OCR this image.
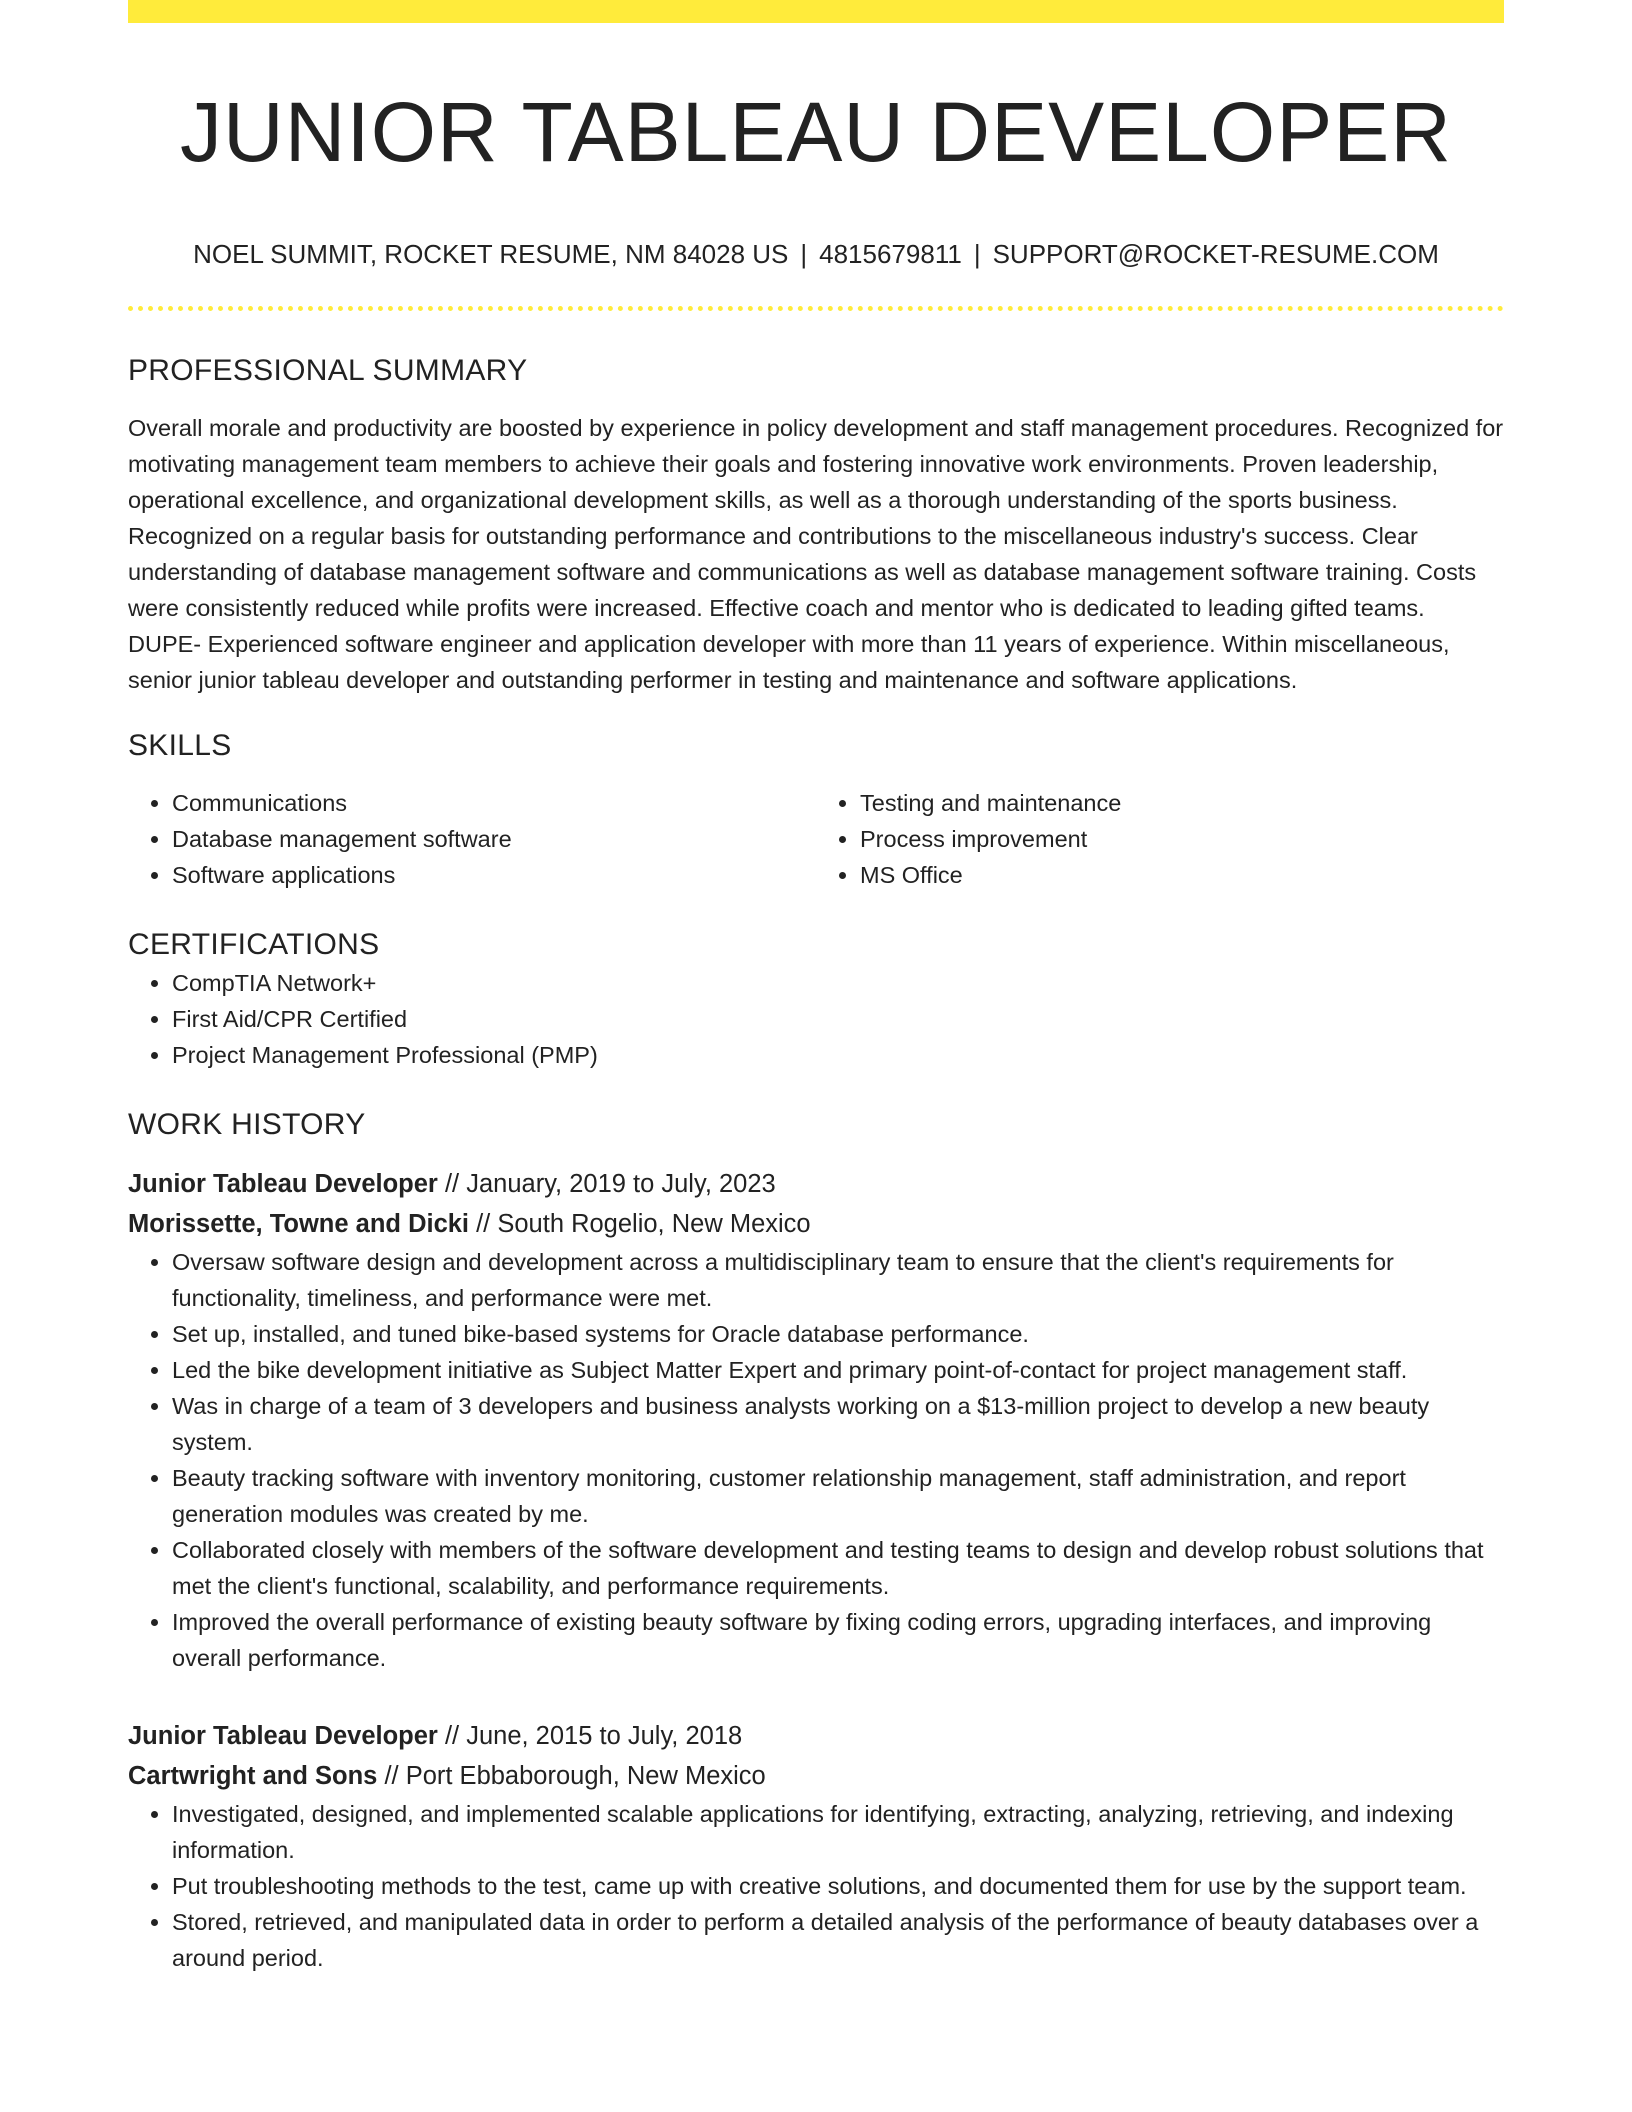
JUNIOR TABLEAU DEVELOPER
NOEL SUMMIT, ROCKET RESUME, NM 84028 US | 4815679811 | SUPPORT@ROCKET-RESUME.COM
PROFESSIONAL SUMMARY

Overall morale and productivity are boosted by experience in policy development and staff management procedures. Recognized for motivating management team members to achieve their goals and fostering innovative work environments. Proven leadership, operational excellence, and organizational development skills, as well as a thorough understanding of the sports business. Recognized on a regular basis for outstanding performance and contributions to the miscellaneous industry's success. Clear understanding of database management software and communications as well as database management software training. Costs were consistently reduced while profits were increased. Effective coach and mentor who is dedicated to leading gifted teams. DUPE- Experienced software engineer and application developer with more than 11 years of experience. Within miscellaneous, senior junior tableau developer and outstanding performer in testing and maintenance and software applications.

SKILLS
• Communications
• Database management software
• Software applications
• Testing and maintenance
• Process improvement
• MS Office
CERTIFICATIONS
• CompTIA Network+
• First Aid/CPR Certified
• Project Management Professional (PMP)
WORK HISTORY
Junior Tableau Developer // January, 2019 to July, 2023
Morissette, Towne and Dicki // South Rogelio, New Mexico
• Oversaw software design and development across a multidisciplinary team to ensure that the client's requirements for functionality, timeliness, and performance were met.
• Set up, installed, and tuned bike-based systems for Oracle database performance.
• Led the bike development initiative as Subject Matter Expert and primary point-of-contact for project management staff.
• Was in charge of a team of 3 developers and business analysts working on a $13-million project to develop a new beauty system.
• Beauty tracking software with inventory monitoring, customer relationship management, staff administration, and report generation modules was created by me.
• Collaborated closely with members of the software development and testing teams to design and develop robust solutions that met the client's functional, scalability, and performance requirements.
• Improved the overall performance of existing beauty software by fixing coding errors, upgrading interfaces, and improving overall performance.
Junior Tableau Developer // June, 2015 to July, 2018
Cartwright and Sons // Port Ebbaborough, New Mexico
• Investigated, designed, and implemented scalable applications for identifying, extracting, analyzing, retrieving, and indexing information.
• Put troubleshooting methods to the test, came up with creative solutions, and documented them for use by the support team.
• Stored, retrieved, and manipulated data in order to perform a detailed analysis of the performance of beauty databases over a around period.
